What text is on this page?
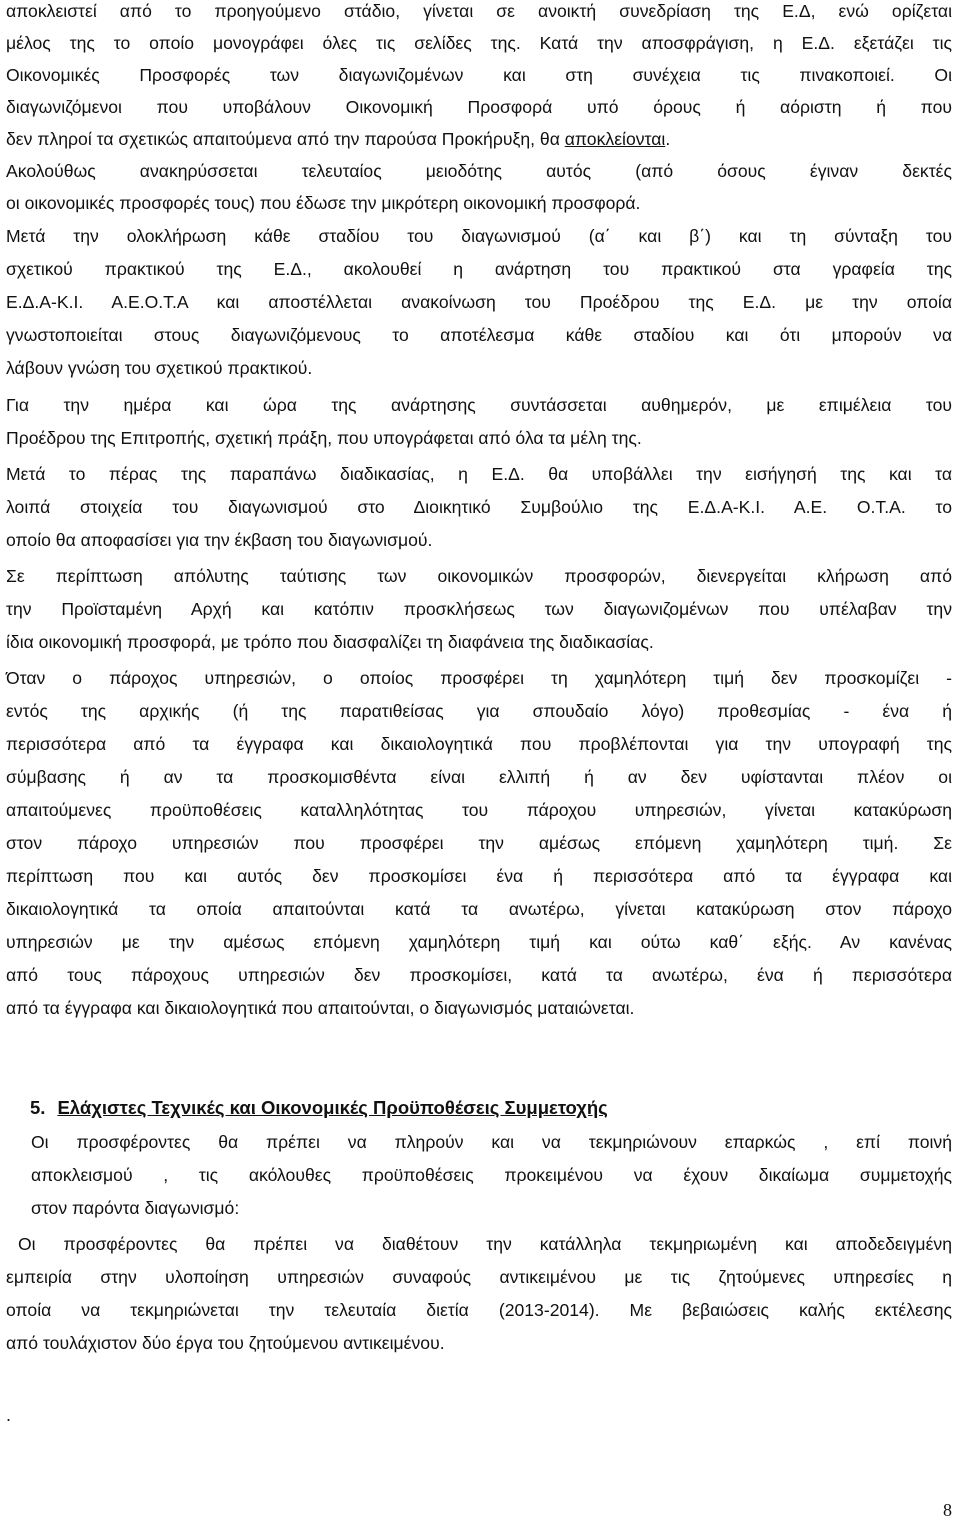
αποκλειστεί από το προηγούμενο στάδιο, γίνεται σε ανοικτή συνεδρίαση της Ε.Δ, ενώ ορίζεται
μέλος της το οποίο μονογράφει όλες τις σελίδες της. Κατά την αποσφράγιση, η Ε.Δ. εξετάζει τις
Οικονομικές Προσφορές των διαγωνιζομένων και στη συνέχεια τις πινακοποιεί. Οι
διαγωνιζόμενοι που υποβάλουν Οικονομική Προσφορά υπό όρους ή αόριστη ή που
δεν πληροί τα σχετικώς απαιτούμενα από την παρούσα Προκήρυξη, θα αποκλείονται.
Ακολούθως ανακηρύσσεται τελευταίος μειοδότης αυτός (από όσους έγιναν δεκτές
οι οικονομικές προσφορές τους) που έδωσε την μικρότερη οικονομική προσφορά.
Μετά την ολοκλήρωση κάθε σταδίου του διαγωνισμού (α΄ και β΄) και τη σύνταξη του
σχετικού πρακτικού της Ε.Δ., ακολουθεί η ανάρτηση του πρακτικού στα γραφεία της
Ε.Δ.Α-Κ.Ι. Α.Ε.Ο.Τ.Α και αποστέλλεται ανακοίνωση του Προέδρου της Ε.Δ. με την οποία
γνωστοποιείται στους διαγωνιζόμενους το αποτέλεσμα κάθε σταδίου και ότι μπορούν να
λάβουν γνώση του σχετικού πρακτικού.
Για την ημέρα και ώρα της ανάρτησης συντάσσεται αυθημερόν, με επιμέλεια του
Προέδρου της Επιτροπής, σχετική πράξη, που υπογράφεται από όλα τα μέλη της.
Μετά το πέρας της παραπάνω διαδικασίας, η Ε.Δ. θα υποβάλλει την εισήγησή της και τα
λοιπά στοιχεία του διαγωνισμού στο Διοικητικό Συμβούλιο της Ε.Δ.Α-Κ.Ι. Α.Ε. Ο.Τ.Α. το
οποίο θα αποφασίσει για την έκβαση του διαγωνισμού.
Σε περίπτωση απόλυτης ταύτισης των οικονομικών προσφορών, διενεργείται κλήρωση από
την Προϊσταμένη Αρχή και κατόπιν προσκλήσεως των διαγωνιζομένων που υπέλαβαν την
ίδια οικονομική προσφορά, με τρόπο που διασφαλίζει τη διαφάνεια της διαδικασίας.
Όταν ο πάροχος υπηρεσιών, ο οποίος προσφέρει τη χαμηλότερη τιμή δεν προσκομίζει -
εντός της αρχικής (ή της παρατιθείσας για σπουδαίο λόγο) προθεσμίας - ένα ή
περισσότερα από τα έγγραφα και δικαιολογητικά που προβλέπονται για την υπογραφή της
σύμβασης ή αν τα προσκομισθέντα είναι ελλιπή ή αν δεν υφίστανται πλέον οι
απαιτούμενες προϋποθέσεις καταλληλότητας του πάροχου υπηρεσιών, γίνεται κατακύρωση
στον πάροχο υπηρεσιών που προσφέρει την αμέσως επόμενη χαμηλότερη τιμή. Σε
περίπτωση που και αυτός δεν προσκομίσει ένα ή περισσότερα από τα έγγραφα και
δικαιολογητικά τα οποία απαιτούνται κατά τα ανωτέρω, γίνεται κατακύρωση στον πάροχο
υπηρεσιών με την αμέσως επόμενη χαμηλότερη τιμή και ούτω καθ΄ εξής. Αν κανένας
από τους πάροχους υπηρεσιών δεν προσκομίσει, κατά τα ανωτέρω, ένα ή περισσότερα
από τα έγγραφα και δικαιολογητικά που απαιτούνται, ο διαγωνισμός ματαιώνεται.
5. Ελάχιστες Τεχνικές και Οικονομικές Προϋποθέσεις Συμμετοχής
Οι προσφέροντες θα πρέπει να πληρούν και να τεκμηριώνουν επαρκώς , επί ποινή
αποκλεισμού , τις ακόλουθες προϋποθέσεις προκειμένου να έχουν δικαίωμα συμμετοχής
στον παρόντα διαγωνισμό:
Οι προσφέροντες θα πρέπει να διαθέτουν την κατάλληλα τεκμηριωμένη και αποδεδειγμένη
εμπειρία στην υλοποίηση υπηρεσιών συναφούς αντικειμένου με τις ζητούμενες υπηρεσίες η
οποία να τεκμηριώνεται την τελευταία διετία (2013-2014). Με βεβαιώσεις καλής εκτέλεσης
από τουλάχιστον δύο έργα του ζητούμενου αντικειμένου.
.
8
